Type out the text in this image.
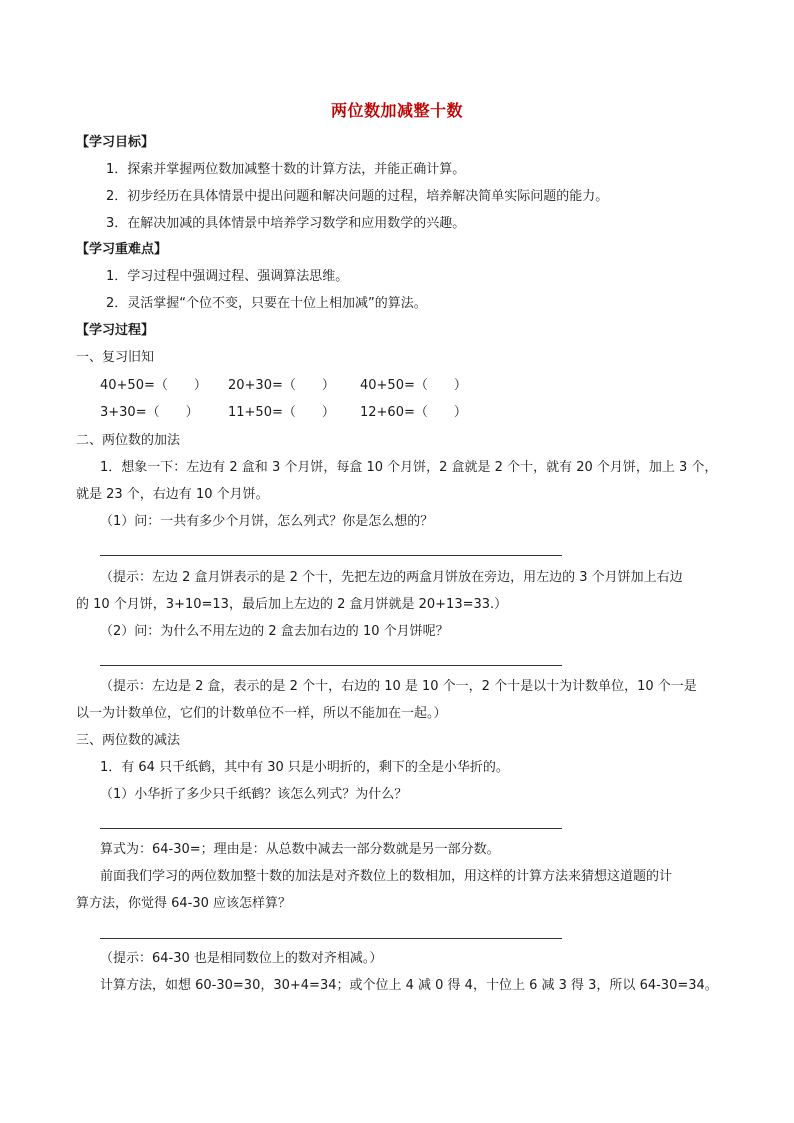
两位数加减整十数
【学习目标】
1．探索并掌握两位数加减整十数的计算方法，并能正确计算。
2．初步经历在具体情景中提出问题和解决问题的过程，培养解决简单实际问题的能力。
3．在解决加减的具体情景中培养学习数学和应用数学的兴趣。
【学习重难点】
1．学习过程中强调过程、强调算法思维。
2．灵活掌握“个位不变，只要在十位上相加减”的算法。
【学习过程】
一、复习旧知
40+50=（　　） 20+30=（　　） 40+50=（　　）
3+30=（　　） 11+50=（　　） 12+60=（　　）
二、两位数的加法
1．想象一下：左边有 2 盒和 3 个月饼，每盒 10 个月饼，2 盒就是 2 个十，就有 20 个月饼，加上 3 个，
就是 23 个，右边有 10 个月饼。
（1）问：一共有多少个月饼，怎么列式？你是怎么想的？
（提示：左边 2 盒月饼表示的是 2 个十，先把左边的两盒月饼放在旁边，用左边的 3 个月饼加上右边
的 10 个月饼，3+10=13，最后加上左边的 2 盒月饼就是 20+13=33.）
（2）问：为什么不用左边的 2 盒去加右边的 10 个月饼呢？
（提示：左边是 2 盒，表示的是 2 个十，右边的 10 是 10 个一，2 个十是以十为计数单位，10 个一是
以一为计数单位，它们的计数单位不一样，所以不能加在一起。）
三、两位数的减法
1．有 64 只千纸鹤，其中有 30 只是小明折的，剩下的全是小华折的。
（1）小华折了多少只千纸鹤？该怎么列式？为什么？
算式为：64-30=；理由是：从总数中减去一部分数就是另一部分数。
前面我们学习的两位数加整十数的加法是对齐数位上的数相加，用这样的计算方法来猜想这道题的计
算方法，你觉得 64-30 应该怎样算？
（提示：64-30 也是相同数位上的数对齐相减。）
计算方法，如想 60-30=30，30+4=34；或个位上 4 减 0 得 4，十位上 6 减 3 得 3，所以 64-30=34。
